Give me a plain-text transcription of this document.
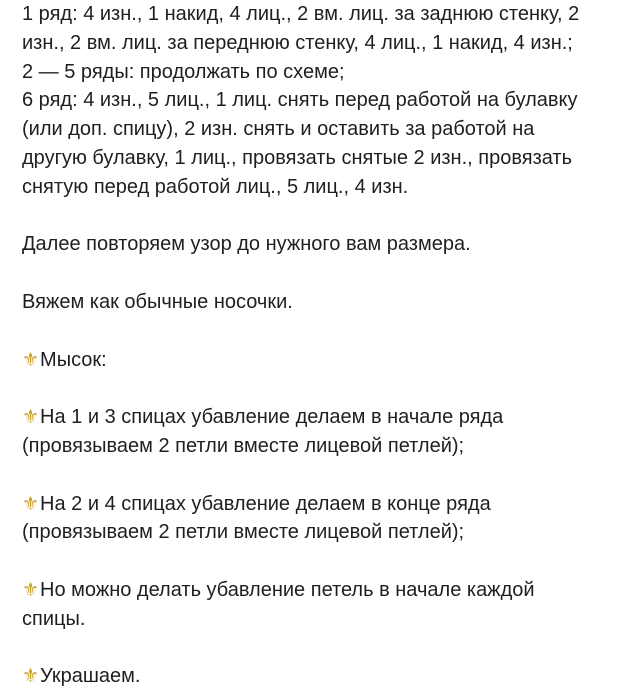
1 ряд: 4 изн., 1 накид, 4 лиц., 2 вм. лиц. за заднюю стенку, 2
изн., 2 вм. лиц. за переднюю стенку, 4 лиц., 1 накид, 4 изн.;
2 — 5 ряды: продолжать по схеме;
6 ряд: 4 изн., 5 лиц., 1 лиц. снять перед работой на булавку
(или доп. спицу), 2 изн. снять и оставить за работой на
другую булавку, 1 лиц., провязать снятые 2 изн., провязать
снятую перед работой лиц., 5 лиц., 4 изн.
Далее повторяем узор до нужного вам размера.
Вяжем как обычные носочки.
⚜Мысок:
⚜На 1 и 3 спицах убавление делаем в начале ряда
(провязываем 2 петли вместе лицевой петлей);
⚜На 2 и 4 спицах убавление делаем в конце ряда
(провязываем 2 петли вместе лицевой петлей);
⚜Но можно делать убавление петель в начале каждой
спицы.
⚜Украшаем.
